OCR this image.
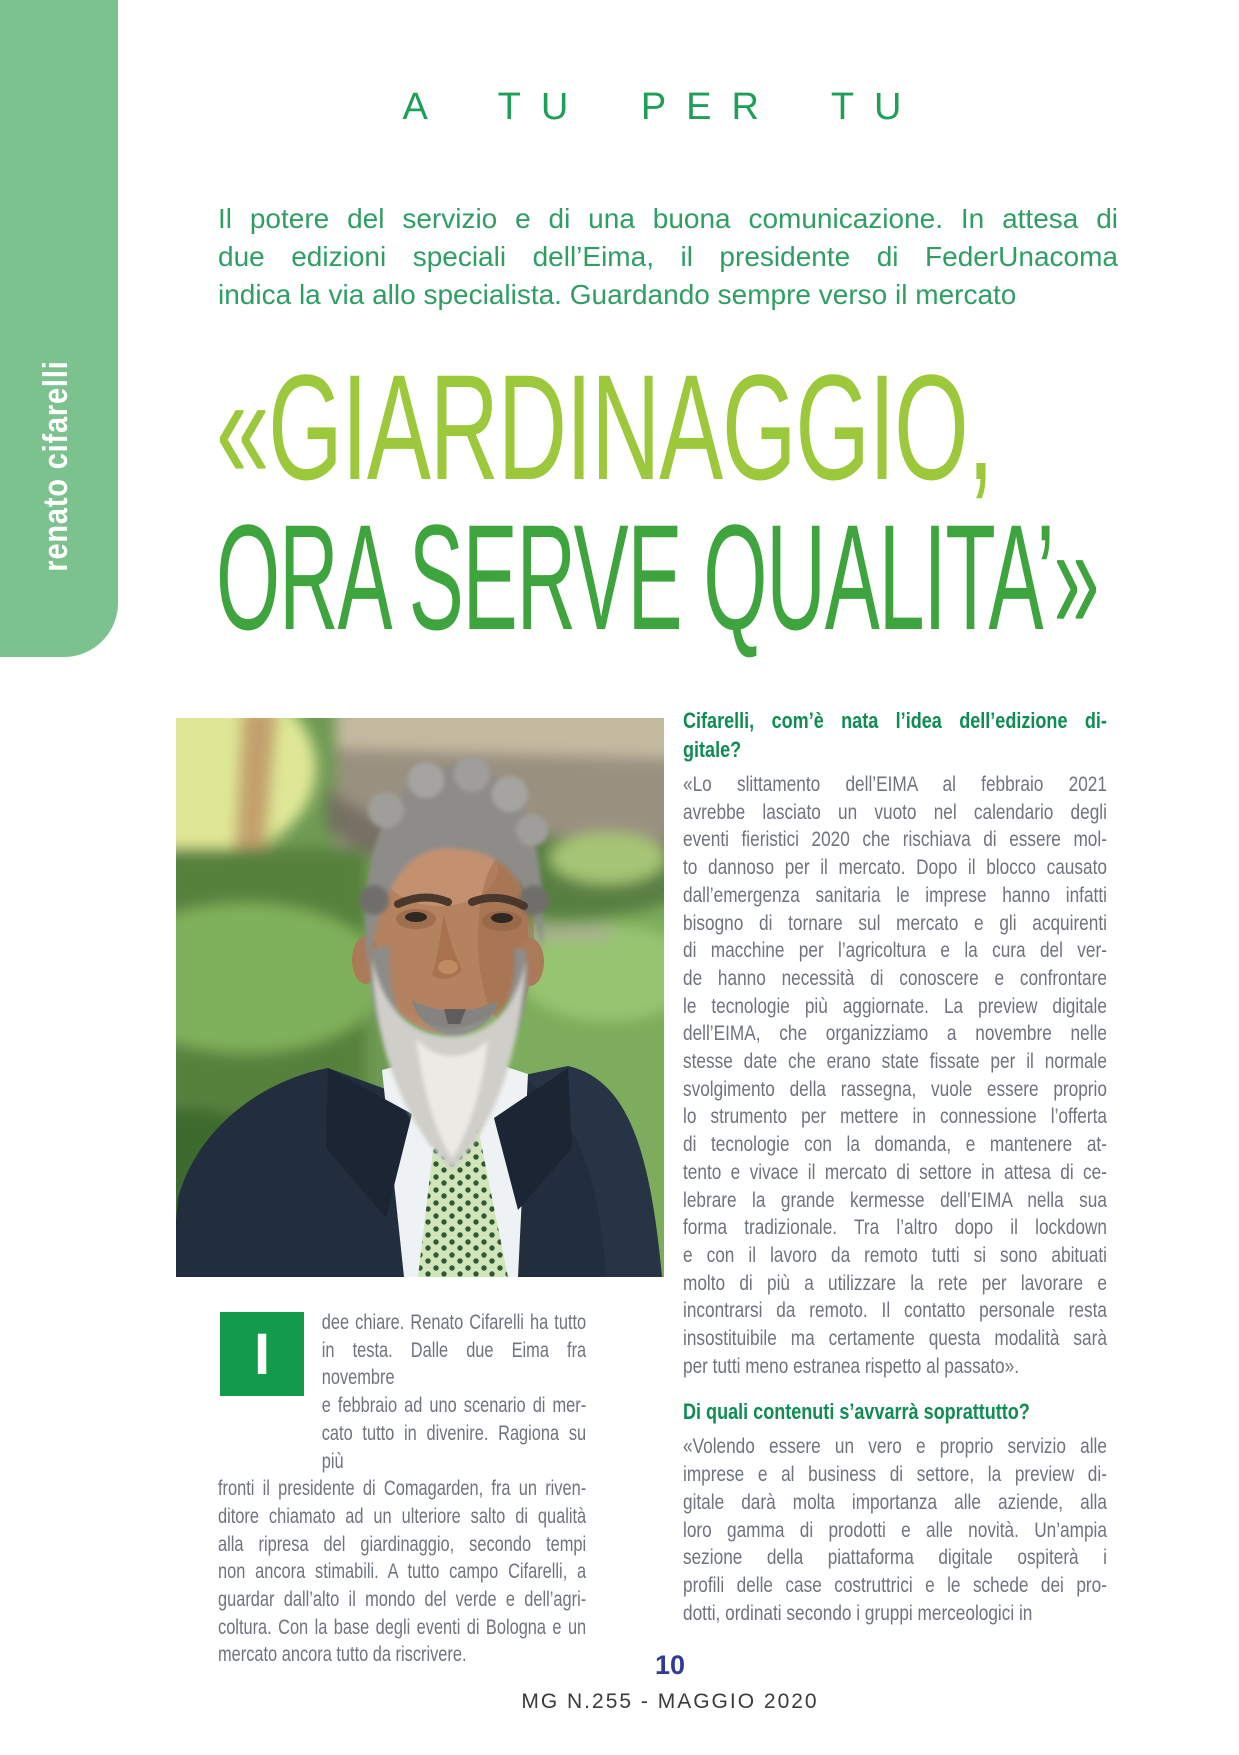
renato cifarelli
A TU PER TU
Il potere del servizio e di una buona comunicazione. In attesa di
due edizioni speciali dell’Eima, il presidente di FederUnacoma
indica la via allo specialista. Guardando sempre verso il mercato
«GIARDINAGGIO,
ORA SERVE QUALITA’»
I	dee chiare. Renato Cifarelli ha tutto
in testa. Dalle due Eima fra novembre
e febbraio ad uno scenario di mer-
cato tutto in divenire. Ragiona su più
fronti il presidente di Comagarden, fra un riven-
ditore chiamato ad un ulteriore salto di qualità
alla ripresa del giardinaggio, secondo tempi
non ancora stimabili. A tutto campo Cifarelli, a
guardar dall’alto il mondo del verde e dell’agri-
coltura. Con la base degli eventi di Bologna e un
mercato ancora tutto da riscrivere.
Cifarelli, com’è nata l’idea dell’edizione di-
gitale?
«Lo slittamento dell’EIMA al febbraio 2021
avrebbe lasciato un vuoto nel calendario degli
eventi fieristici 2020 che rischiava di essere mol-
to dannoso per il mercato. Dopo il blocco causato
dall’emergenza sanitaria le imprese hanno infatti
bisogno di tornare sul mercato e gli acquirenti
di macchine per l’agricoltura e la cura del ver-
de hanno necessità di conoscere e confrontare
le tecnologie più aggiornate. La preview digitale
dell’EIMA, che organizziamo a novembre nelle
stesse date che erano state fissate per il normale
svolgimento della rassegna, vuole essere proprio
lo strumento per mettere in connessione l’offerta
di tecnologie con la domanda, e mantenere at-
tento e vivace il mercato di settore in attesa di ce-
lebrare la grande kermesse dell’EIMA nella sua
forma tradizionale. Tra l’altro dopo il lockdown
e con il lavoro da remoto tutti si sono abituati
molto di più a utilizzare la rete per lavorare e
incontrarsi da remoto. Il contatto personale resta
insostituibile ma certamente questa modalità sarà
per tutti meno estranea rispetto al passato».
Di quali contenuti s’avvarrà soprattutto?
«Volendo essere un vero e proprio servizio alle
imprese e al business di settore, la preview di-
gitale darà molta importanza alle aziende, alla
loro gamma di prodotti e alle novità. Un’ampia
sezione della piattaforma digitale ospiterà i
profili delle case costruttrici e le schede dei pro-
dotti, ordinati secondo i gruppi merceologici in
10
MG N.255 - MAGGIO 2020
